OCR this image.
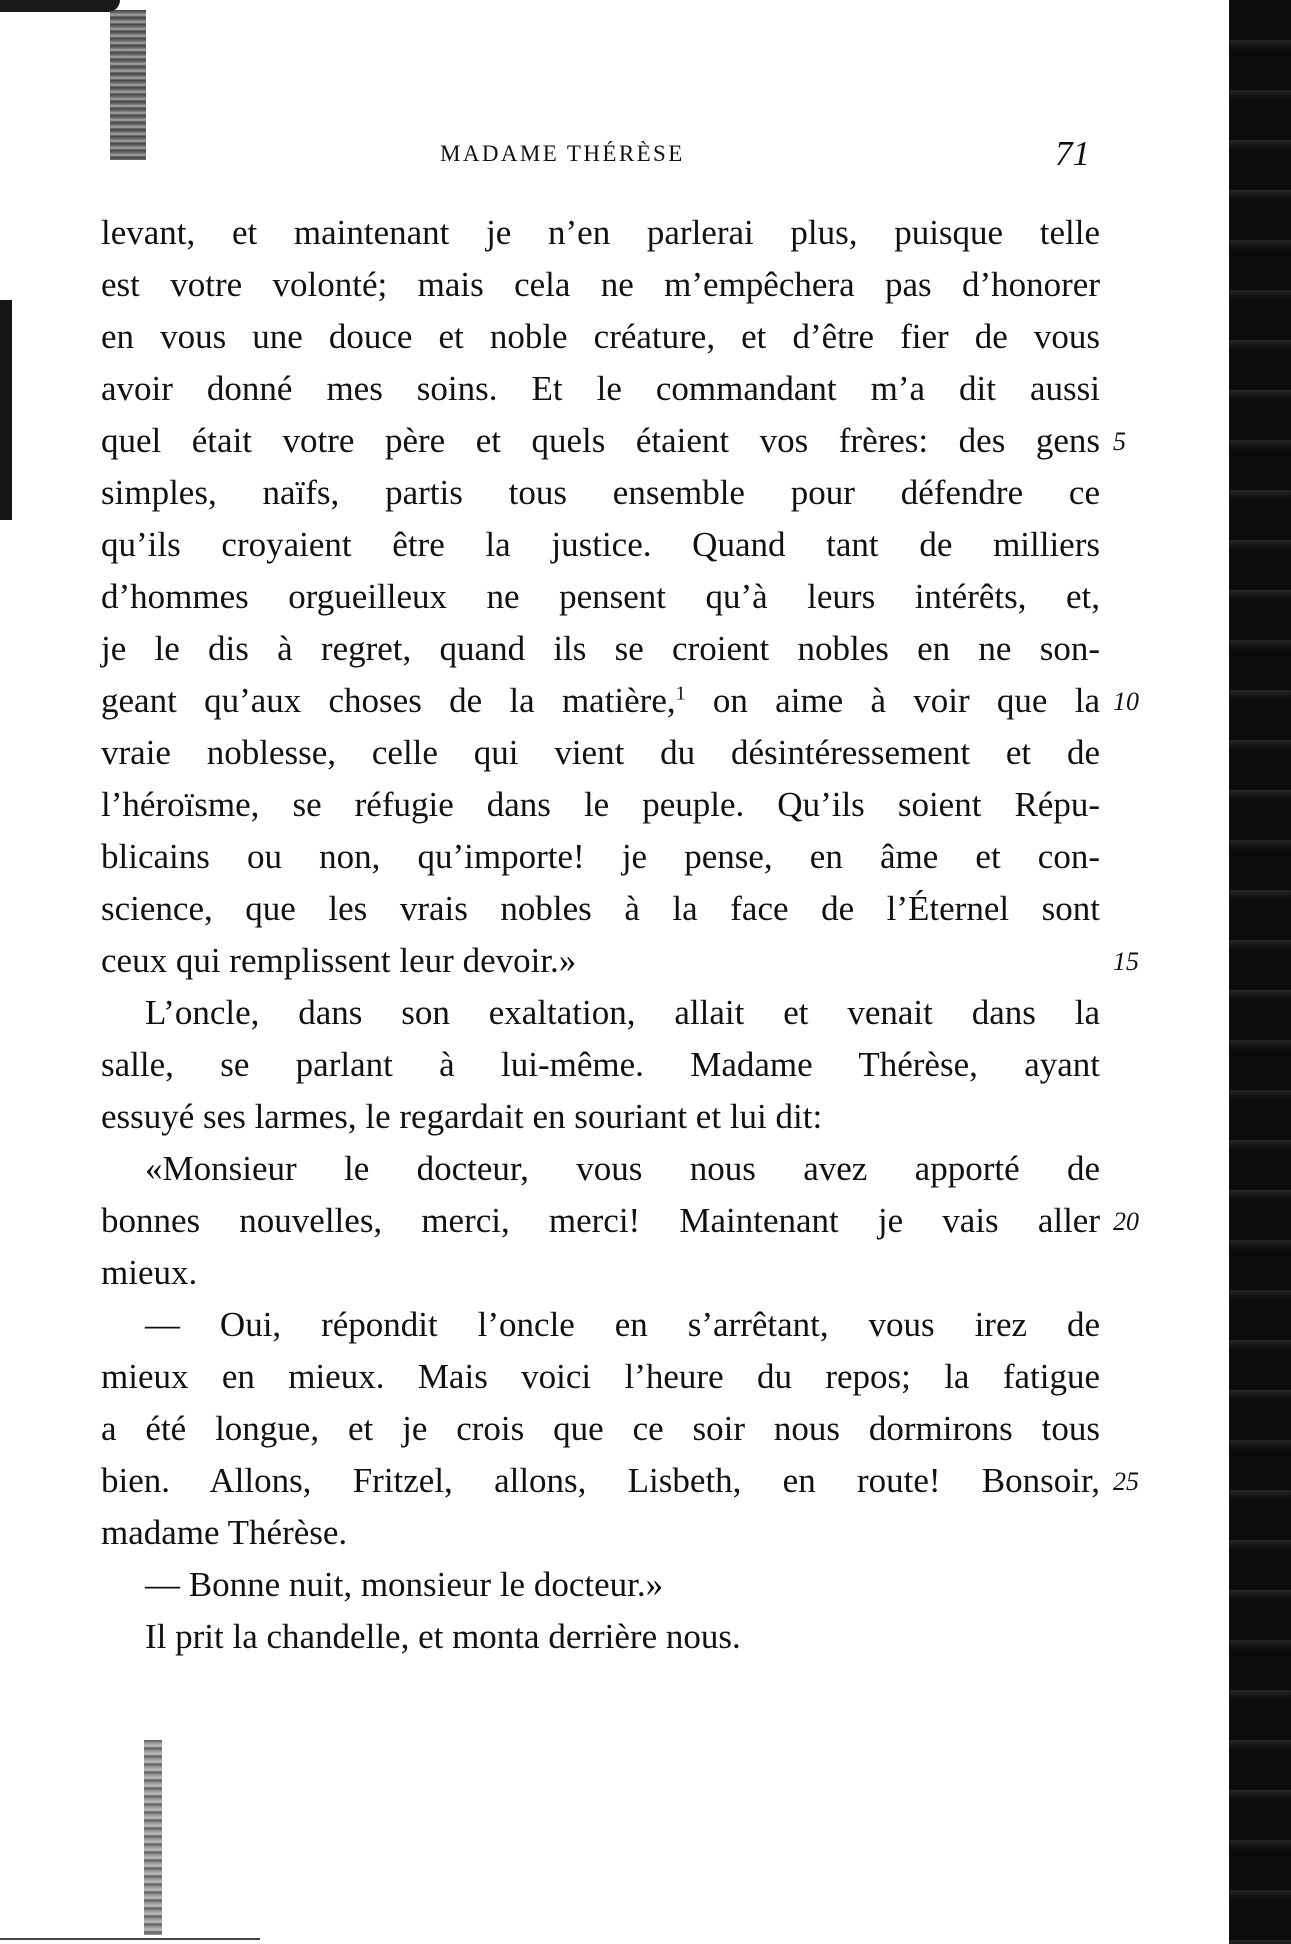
MADAME THÉRÈSE	71
levant, et maintenant je n’en parlerai plus, puisque telle
est votre volonté; mais cela ne m’empêchera pas d’honorer
en vous une douce et noble créature, et d’être fier de vous
avoir donné mes soins. Et le commandant m’a dit aussi
quel était votre père et quels étaient vos frères: des gens
simples, naïfs, partis tous ensemble pour défendre ce
qu’ils croyaient être la justice. Quand tant de milliers
d’hommes orgueilleux ne pensent qu’à leurs intérêts, et,
je le dis à regret, quand ils se croient nobles en ne son-
geant qu’aux choses de la matière,$^1$ on aime à voir que la
vraie noblesse, celle qui vient du désintéressement et de
l’héroïsme, se réfugie dans le peuple. Qu’ils soient Répu-
blicains ou non, qu’importe! je pense, en âme et con-
science, que les vrais nobles à la face de l’Éternel sont
ceux qui remplissent leur devoir.»
L’oncle, dans son exaltation, allait et venait dans la
salle, se parlant à lui-même. Madame Thérèse, ayant
essuyé ses larmes, le regardait en souriant et lui dit:
«Monsieur le docteur, vous nous avez apporté de
bonnes nouvelles, merci, merci! Maintenant je vais aller
mieux.
— Oui, répondit l’oncle en s’arrêtant, vous irez de
mieux en mieux. Mais voici l’heure du repos; la fatigue
a été longue, et je crois que ce soir nous dormirons tous
bien. Allons, Fritzel, allons, Lisbeth, en route! Bonsoir,
madame Thérèse.
— Bonne nuit, monsieur le docteur.»
Il prit la chandelle, et monta derrière nous.
5
10
15
20
25
